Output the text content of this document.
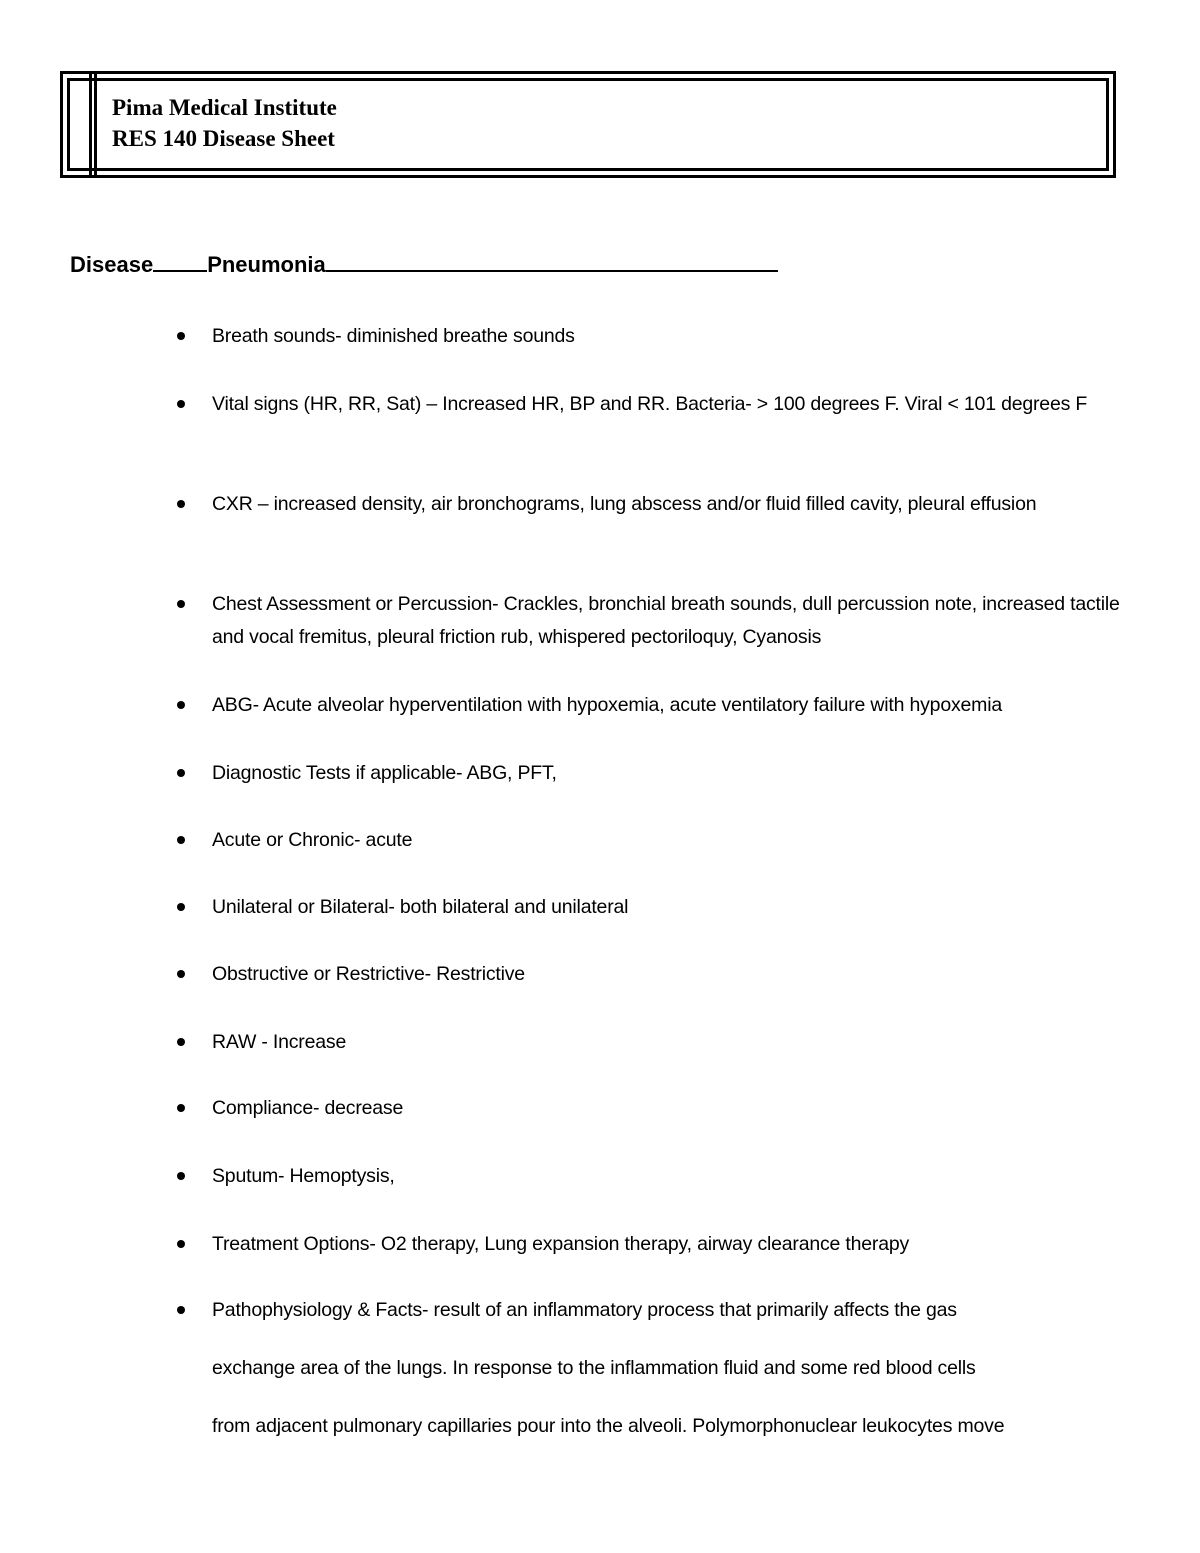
Pima Medical Institute
RES 140 Disease Sheet
Disease Pneumonia
Breath sounds- diminished breathe sounds
Vital signs (HR, RR, Sat) – Increased HR, BP and RR. Bacteria- > 100 degrees F. Viral < 101 degrees F
CXR – increased density, air bronchograms, lung abscess and/or fluid filled cavity, pleural effusion
Chest Assessment or Percussion- Crackles, bronchial breath sounds, dull percussion note, increased tactile and vocal fremitus, pleural friction rub, whispered pectoriloquy, Cyanosis
ABG- Acute alveolar hyperventilation with hypoxemia, acute ventilatory failure with hypoxemia
Diagnostic Tests if applicable- ABG, PFT,
Acute or Chronic- acute
Unilateral or Bilateral- both bilateral and unilateral
Obstructive or Restrictive- Restrictive
RAW - Increase
Compliance- decrease
Sputum- Hemoptysis,
Treatment Options- O2 therapy, Lung expansion therapy, airway clearance therapy
Pathophysiology & Facts- result of an inflammatory process that primarily affects the gas
exchange area of the lungs. In response to the inflammation fluid and some red blood cells
from adjacent pulmonary capillaries pour into the alveoli. Polymorphonuclear leukocytes move
